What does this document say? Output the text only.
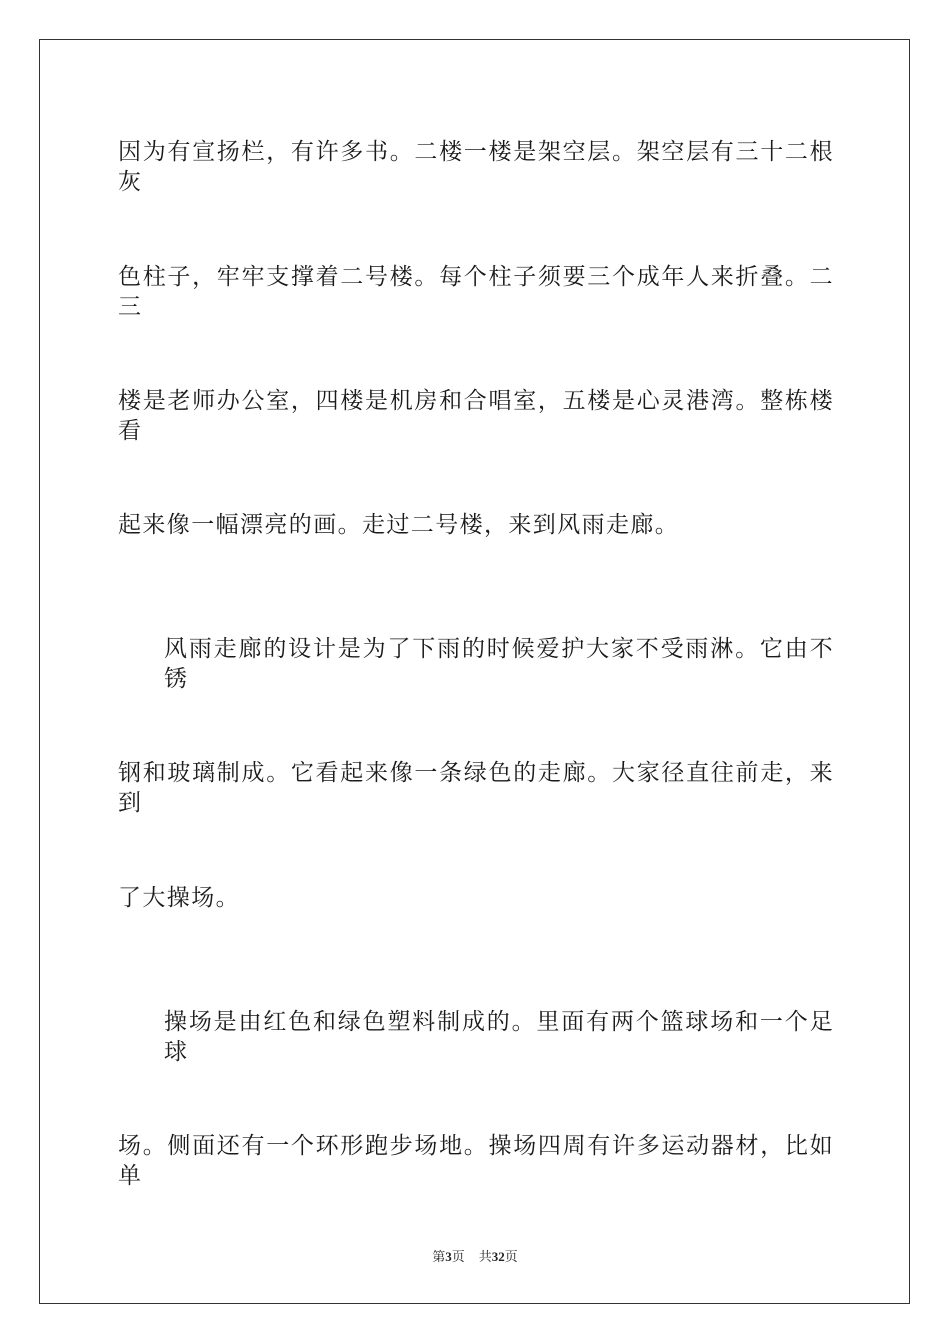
因为有宣扬栏，有许多书。二楼一楼是架空层。架空层有三十二根灰
色柱子，牢牢支撑着二号楼。每个柱子须要三个成年人来折叠。二三
楼是老师办公室，四楼是机房和合唱室，五楼是心灵港湾。整栋楼看
起来像一幅漂亮的画。走过二号楼，来到风雨走廊。
风雨走廊的设计是为了下雨的时候爱护大家不受雨淋。它由不锈
钢和玻璃制成。它看起来像一条绿色的走廊。大家径直往前走，来到
了大操场。
操场是由红色和绿色塑料制成的。里面有两个篮球场和一个足球
场。侧面还有一个环形跑步场地。操场四周有许多运动器材，比如单
第3页 共32页
